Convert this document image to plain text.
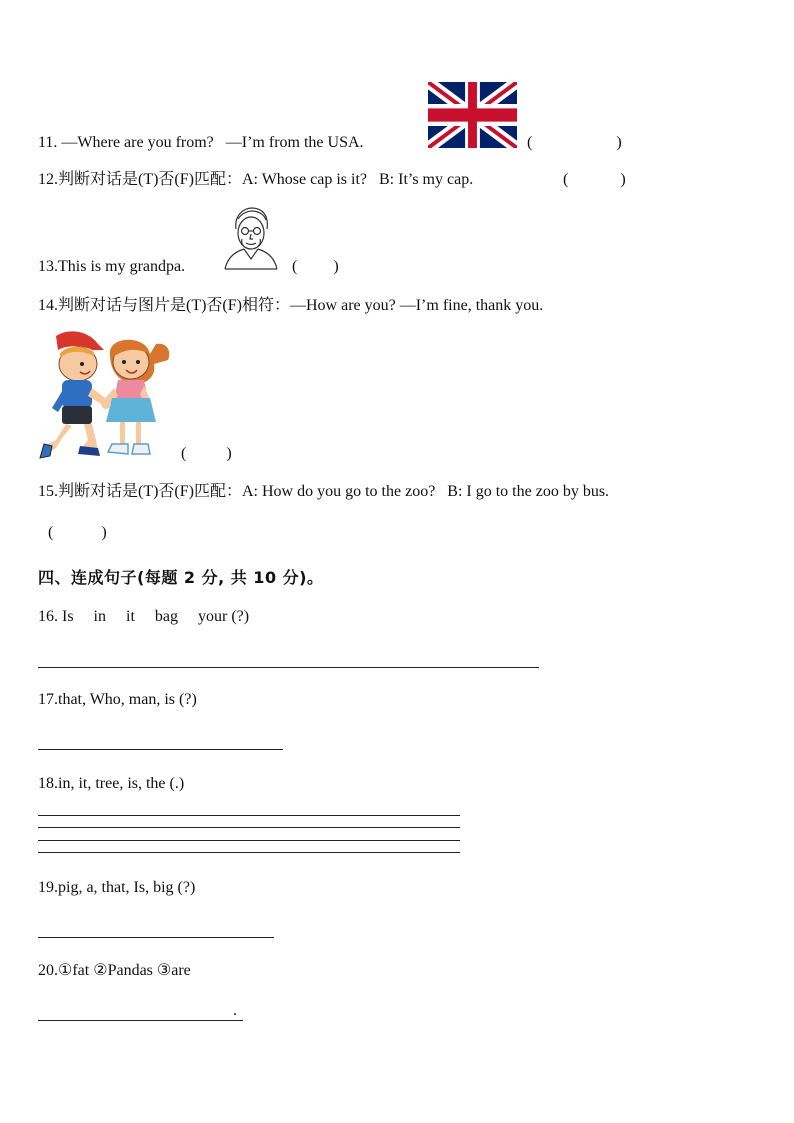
11. —Where are you from?   —I’m from the USA.	(                     )
12.判断对话是(T)否(F)匹配：A: Whose cap is it?   B: It’s my cap.	(             )
13.This is my grandpa.	(         )
14.判断对话与图片是(T)否(F)相符：—How are you? —I’m fine, thank you.
(          )
15.判断对话是(T)否(F)匹配：A: How do you go to the zoo?   B: I go to the zoo by bus.
(            )
四、连成句子(每题 2 分, 共 10 分)。
16. Is     in     it     bag     your (?)
17.that, Who, man, is (?)
18.in, it, tree, is, the (.)
19.pig, a, that, Is, big (?)
20.①fat ②Pandas ③are
.
